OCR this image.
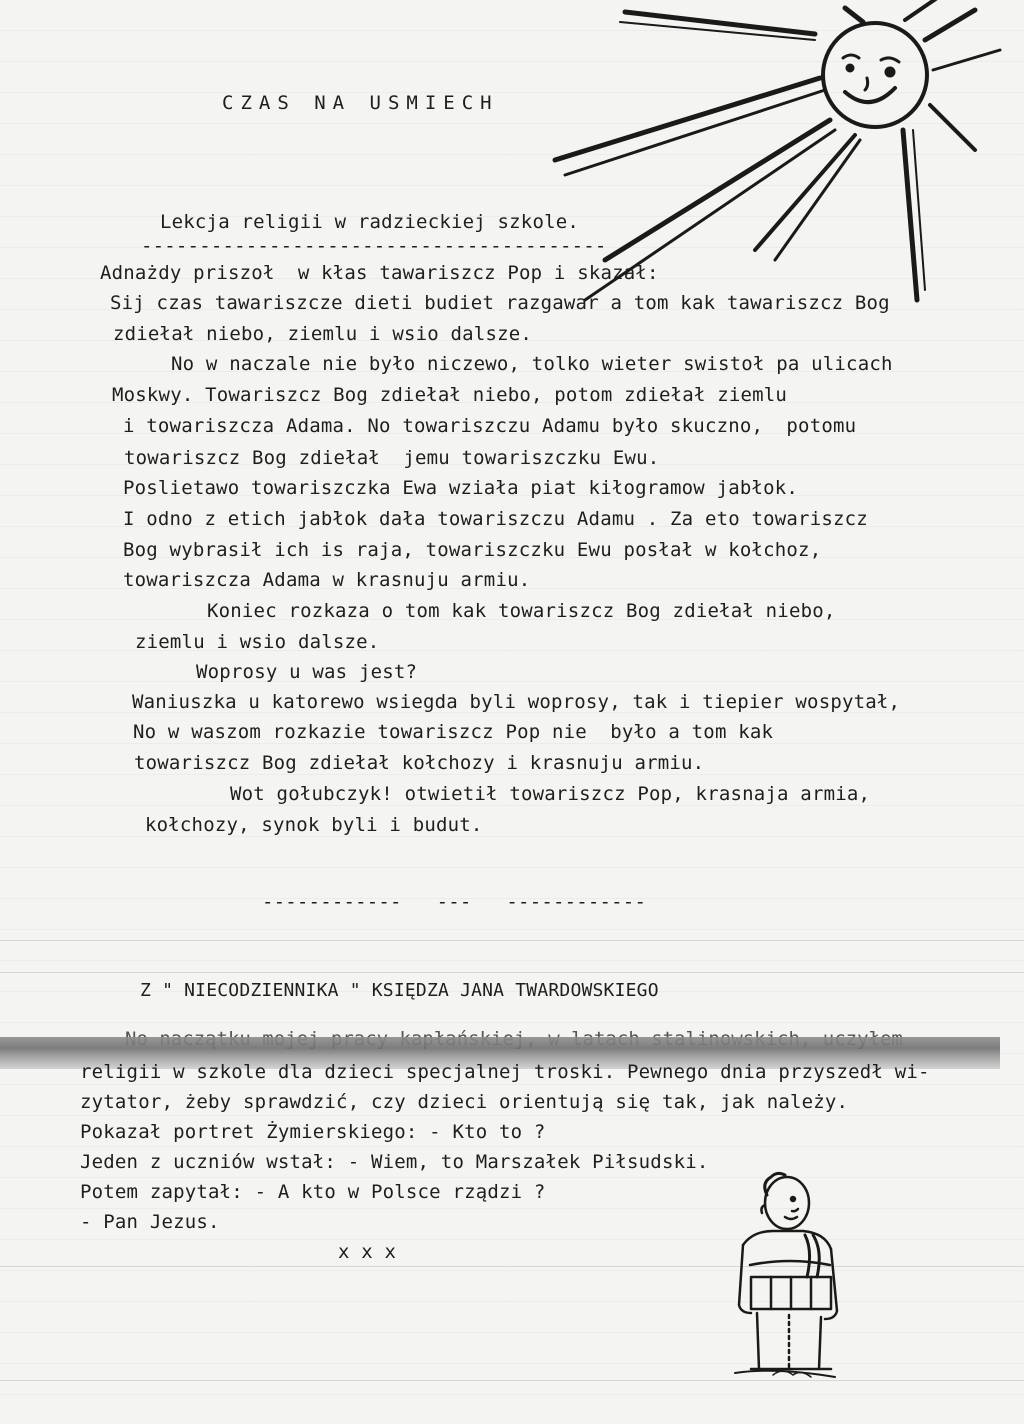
CZAS NA USMIECH
Lekcja religii w radzieckiej szkole.
----------------------------------------
Adnażdy priszoł  w kłas tawariszcz Pop i skazał:
Sij czas tawariszcze dieti budiet razgawar a tom kak tawariszcz Bog
zdiełał niebo, ziemlu i wsio dalsze.
No w naczale nie było niczewo, tolko wieter swistoł pa ulicach
Moskwy. Towariszcz Bog zdiełał niebo, potom zdiełał ziemlu
i towariszcza Adama. No towariszczu Adamu było skuczno,  potomu
towariszcz Bog zdiełał  jemu towariszczku Ewu.
Poslietawo towariszczka Ewa wziała piat kiłogramow jabłok.
I odno z etich jabłok dała towariszczu Adamu . Za eto towariszcz
Bog wybrasił ich is raja, towariszczku Ewu posłał w kołchoz,
towariszcza Adama w krasnuju armiu.
Koniec rozkaza o tom kak towariszcz Bog zdiełał niebo,
ziemlu i wsio dalsze.
Woprosy u was jest?
Waniuszka u katorewo wsiegda byli woprosy, tak i tiepier wospytał,
No w waszom rozkazie towariszcz Pop nie  było a tom kak
towariszcz Bog zdiełał kołchozy i krasnuju armiu.
Wot gołubczyk! otwietił towariszcz Pop, krasnaja armia,
kołchozy, synok byli i budut.
------------   ---   ------------
Z " NIECODZIENNIKA " KSIĘDZA JANA TWARDOWSKIEGO
religii w szkole dla dzieci specjalnej troski. Pewnego dnia przyszedł wi-
zytator, żeby sprawdzić, czy dzieci orientują się tak, jak należy.
Pokazał portret Żymierskiego: - Kto to ?
Jeden z uczniów wstał: - Wiem, to Marszałek Piłsudski.
Potem zapytał: - A kto w Polsce rządzi ?
- Pan Jezus.
x x x
